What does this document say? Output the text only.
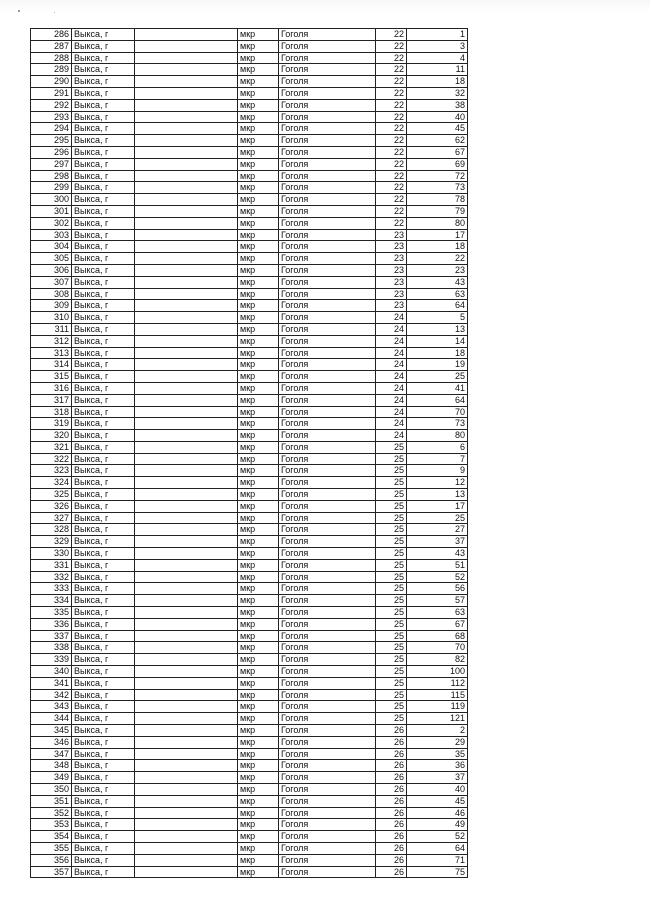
286	Выкса, г		мкр	Гоголя	22	1
287	Выкса, г		мкр	Гоголя	22	3
288	Выкса, г		мкр	Гоголя	22	4
289	Выкса, г		мкр	Гоголя	22	11
290	Выкса, г		мкр	Гоголя	22	18
291	Выкса, г		мкр	Гоголя	22	32
292	Выкса, г		мкр	Гоголя	22	38
293	Выкса, г		мкр	Гоголя	22	40
294	Выкса, г		мкр	Гоголя	22	45
295	Выкса, г		мкр	Гоголя	22	62
296	Выкса, г		мкр	Гоголя	22	67
297	Выкса, г		мкр	Гоголя	22	69
298	Выкса, г		мкр	Гоголя	22	72
299	Выкса, г		мкр	Гоголя	22	73
300	Выкса, г		мкр	Гоголя	22	78
301	Выкса, г		мкр	Гоголя	22	79
302	Выкса, г		мкр	Гоголя	22	80
303	Выкса, г		мкр	Гоголя	23	17
304	Выкса, г		мкр	Гоголя	23	18
305	Выкса, г		мкр	Гоголя	23	22
306	Выкса, г		мкр	Гоголя	23	23
307	Выкса, г		мкр	Гоголя	23	43
308	Выкса, г		мкр	Гоголя	23	63
309	Выкса, г		мкр	Гоголя	23	64
310	Выкса, г		мкр	Гоголя	24	5
311	Выкса, г		мкр	Гоголя	24	13
312	Выкса, г		мкр	Гоголя	24	14
313	Выкса, г		мкр	Гоголя	24	18
314	Выкса, г		мкр	Гоголя	24	19
315	Выкса, г		мкр	Гоголя	24	25
316	Выкса, г		мкр	Гоголя	24	41
317	Выкса, г		мкр	Гоголя	24	64
318	Выкса, г		мкр	Гоголя	24	70
319	Выкса, г		мкр	Гоголя	24	73
320	Выкса, г		мкр	Гоголя	24	80
321	Выкса, г		мкр	Гоголя	25	6
322	Выкса, г		мкр	Гоголя	25	7
323	Выкса, г		мкр	Гоголя	25	9
324	Выкса, г		мкр	Гоголя	25	12
325	Выкса, г		мкр	Гоголя	25	13
326	Выкса, г		мкр	Гоголя	25	17
327	Выкса, г		мкр	Гоголя	25	25
328	Выкса, г		мкр	Гоголя	25	27
329	Выкса, г		мкр	Гоголя	25	37
330	Выкса, г		мкр	Гоголя	25	43
331	Выкса, г		мкр	Гоголя	25	51
332	Выкса, г		мкр	Гоголя	25	52
333	Выкса, г		мкр	Гоголя	25	56
334	Выкса, г		мкр	Гоголя	25	57
335	Выкса, г		мкр	Гоголя	25	63
336	Выкса, г		мкр	Гоголя	25	67
337	Выкса, г		мкр	Гоголя	25	68
338	Выкса, г		мкр	Гоголя	25	70
339	Выкса, г		мкр	Гоголя	25	82
340	Выкса, г		мкр	Гоголя	25	100
341	Выкса, г		мкр	Гоголя	25	112
342	Выкса, г		мкр	Гоголя	25	115
343	Выкса, г		мкр	Гоголя	25	119
344	Выкса, г		мкр	Гоголя	25	121
345	Выкса, г		мкр	Гоголя	26	2
346	Выкса, г		мкр	Гоголя	26	29
347	Выкса, г		мкр	Гоголя	26	35
348	Выкса, г		мкр	Гоголя	26	36
349	Выкса, г		мкр	Гоголя	26	37
350	Выкса, г		мкр	Гоголя	26	40
351	Выкса, г		мкр	Гоголя	26	45
352	Выкса, г		мкр	Гоголя	26	46
353	Выкса, г		мкр	Гоголя	26	49
354	Выкса, г		мкр	Гоголя	26	52
355	Выкса, г		мкр	Гоголя	26	64
356	Выкса, г		мкр	Гоголя	26	71
357	Выкса, г		мкр	Гоголя	26	75
